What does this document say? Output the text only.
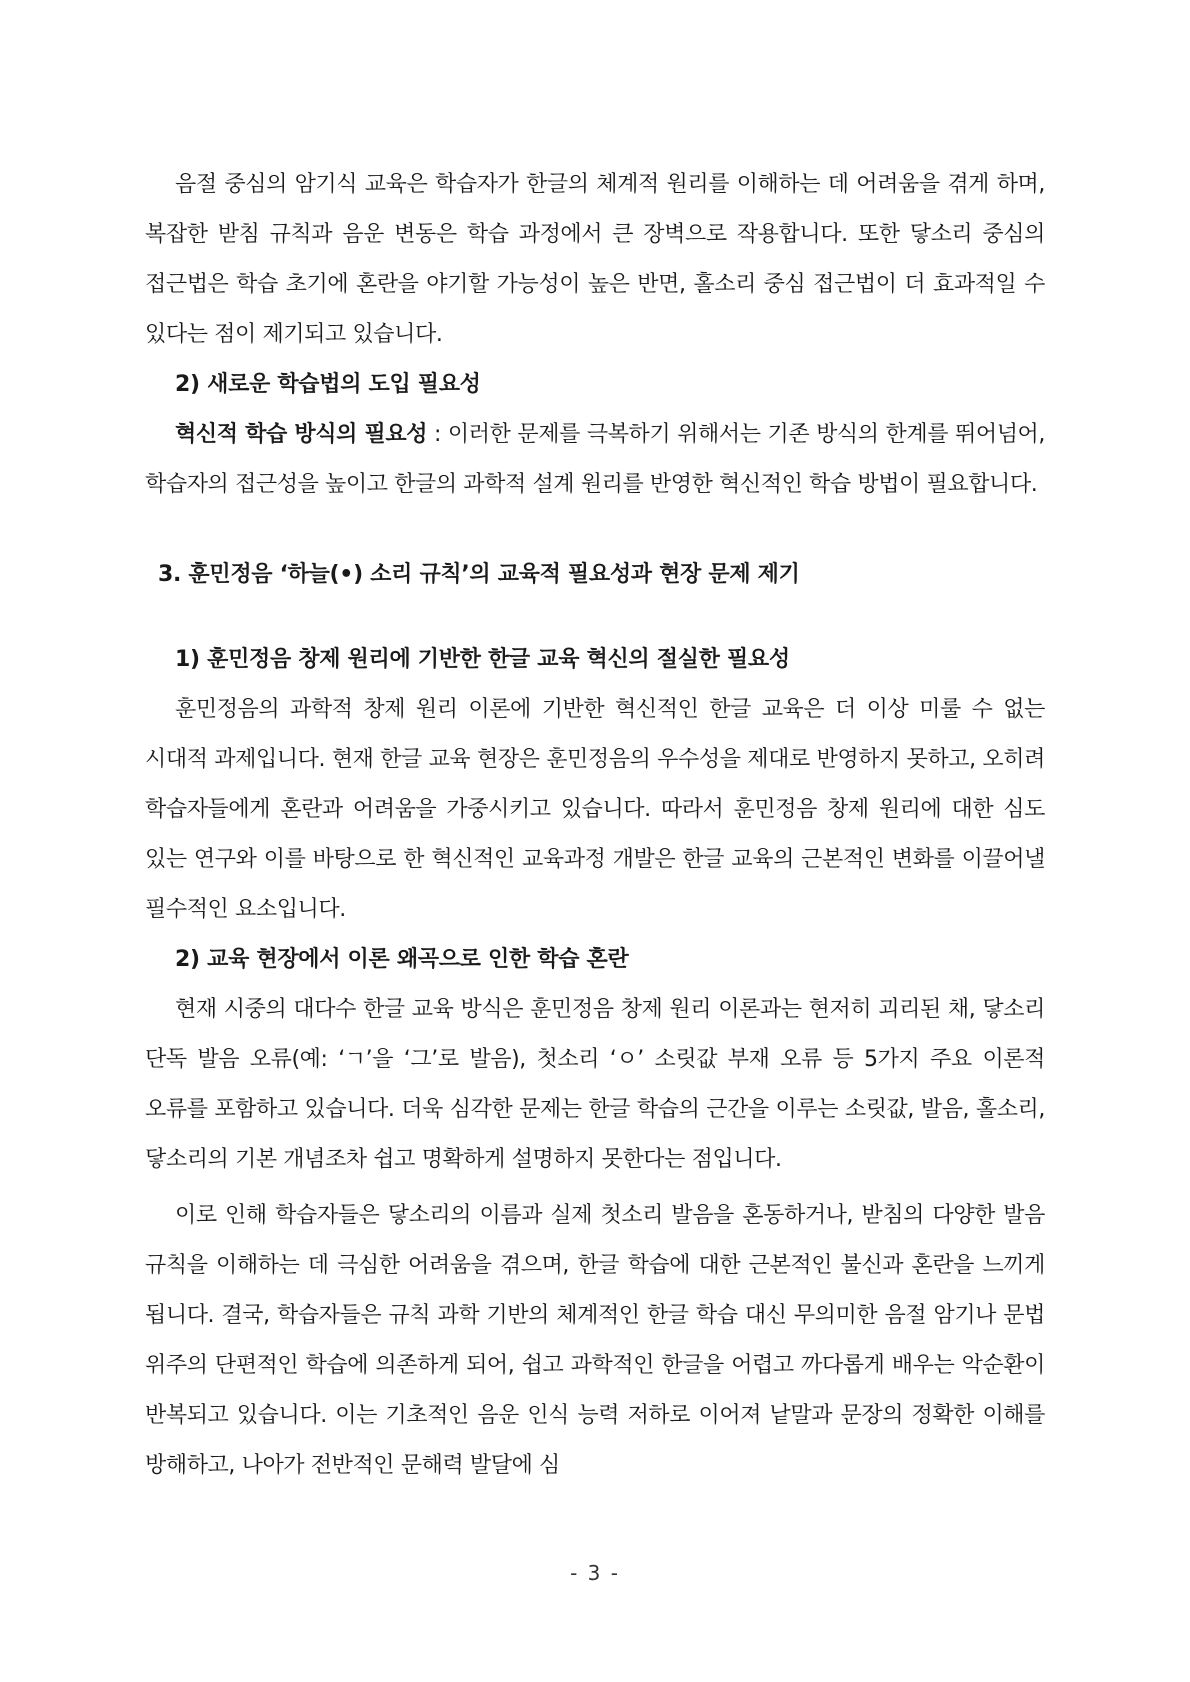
음절 중심의 암기식 교육은 학습자가 한글의 체계적 원리를 이해하는 데 어려움을 겪게 하며, 복잡한 받침 규칙과 음운 변동은 학습 과정에서 큰 장벽으로 작용합니다. 또한 닿소리 중심의 접근법은 학습 초기에 혼란을 야기할 가능성이 높은 반면, 홀소리 중심 접근법이 더 효과적일 수 있다는 점이 제기되고 있습니다.

2) 새로운 학습법의 도입 필요성

혁신적 학습 방식의 필요성 : 이러한 문제를 극복하기 위해서는 기존 방식의 한계를 뛰어넘어, 학습자의 접근성을 높이고 한글의 과학적 설계 원리를 반영한 혁신적인 학습 방법이 필요합니다.

3. 훈민정음 ‘하늘(•) 소리 규칙’의 교육적 필요성과 현장 문제 제기

1) 훈민정음 창제 원리에 기반한 한글 교육 혁신의 절실한 필요성

훈민정음의 과학적 창제 원리 이론에 기반한 혁신적인 한글 교육은 더 이상 미룰 수 없는 시대적 과제입니다. 현재 한글 교육 현장은 훈민정음의 우수성을 제대로 반영하지 못하고, 오히려 학습자들에게 혼란과 어려움을 가중시키고 있습니다. 따라서 훈민정음 창제 원리에 대한 심도 있는 연구와 이를 바탕으로 한 혁신적인 교육과정 개발은 한글 교육의 근본적인 변화를 이끌어낼 필수적인 요소입니다.

2) 교육 현장에서 이론 왜곡으로 인한 학습 혼란

현재 시중의 대다수 한글 교육 방식은 훈민정음 창제 원리 이론과는 현저히 괴리된 채, 닿소리 단독 발음 오류(예: ‘ㄱ’을 ‘그’로 발음), 첫소리 ‘ㅇ’ 소릿값 부재 오류 등 5가지 주요 이론적 오류를 포함하고 있습니다. 더욱 심각한 문제는 한글 학습의 근간을 이루는 소릿값, 발음, 홀소리, 닿소리의 기본 개념조차 쉽고 명확하게 설명하지 못한다는 점입니다.

이로 인해 학습자들은 닿소리의 이름과 실제 첫소리 발음을 혼동하거나, 받침의 다양한 발음 규칙을 이해하는 데 극심한 어려움을 겪으며, 한글 학습에 대한 근본적인 불신과 혼란을 느끼게 됩니다. 결국, 학습자들은 규칙 과학 기반의 체계적인 한글 학습 대신 무의미한 음절 암기나 문법 위주의 단편적인 학습에 의존하게 되어, 쉽고 과학적인 한글을 어렵고 까다롭게 배우는 악순환이 반복되고 있습니다. 이는 기초적인 음운 인식 능력 저하로 이어져 낱말과 문장의 정확한 이해를 방해하고, 나아가 전반적인 문해력 발달에 심

- 3 -
